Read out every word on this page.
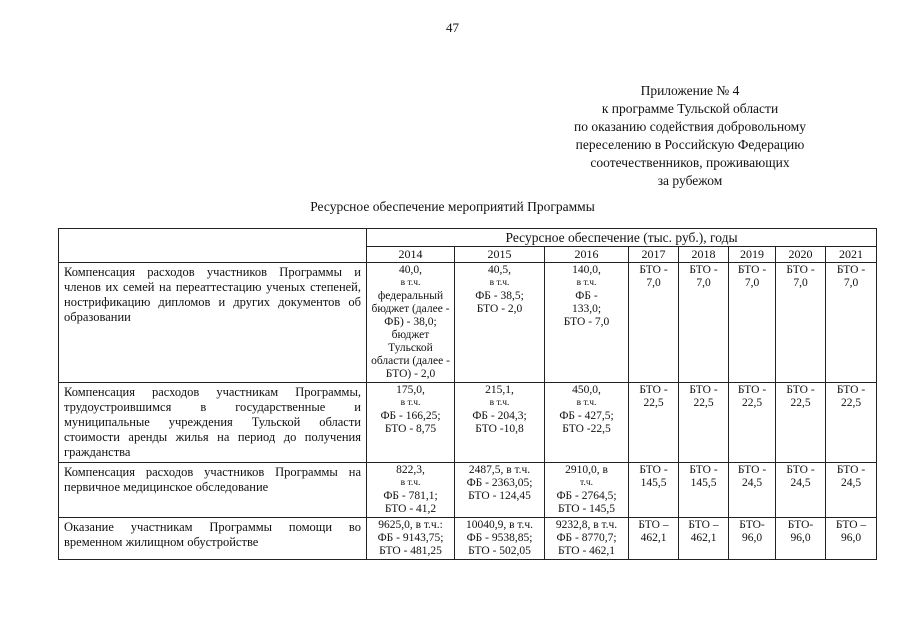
47
Приложение № 4
к программе Тульской области
по оказанию содействия добровольному
переселению в Российскую Федерацию
соотечественников, проживающих
за рубежом
Ресурсное обеспечение мероприятий Программы
	Ресурсное обеспечение (тыс. руб.), годы							
	2014	2015	2016	2017	2018	2019	2020	2021
Компенсация расходов участников Программы и членов их семей на переаттестацию ученых степеней, нострификацию дипломов и других документов об образовании	40,0,
в т.ч.
федеральный бюджет (далее - ФБ) - 38,0;
бюджет Тульской области (далее - БТО) - 2,0	40,5,
в т.ч.
ФБ - 38,5;
БТО - 2,0	140,0,
в т.ч.
ФБ -
133,0;
БТО - 7,0	БТО - 7,0	БТО -
7,0	БТО -
7,0	БТО -
7,0	БТО -
7,0

Компенсация расходов участникам Программы, трудоустроившимся в государственные и муниципальные учреждения Тульской области стоимости аренды жилья на период до получения гражданства	175,0,
в т.ч.
ФБ - 166,25;
БТО - 8,75	215,1,
в т.ч.
ФБ - 204,3;
БТО -10,8	450,0,
в т.ч.
ФБ - 427,5;
БТО -22,5	БТО -
22,5	БТО -
22,5	БТО -
22,5	БТО -
22,5	БТО -
22,5

Компенсация расходов участников Программы на первичное медицинское обследование	822,3,
в т.ч.
ФБ - 781,1;
БТО - 41,2	2487,5, в т.ч.
ФБ - 2363,05;
БТО - 124,45	2910,0, в
т.ч.
ФБ - 2764,5;
БТО - 145,5	БТО -
145,5	БТО -
145,5	БТО -
24,5	БТО -
24,5	БТО -
24,5

Оказание участникам Программы помощи во временном жилищном обустройстве	9625,0, в т.ч.:
ФБ - 9143,75;
БТО - 481,25	10040,9, в т.ч.
ФБ - 9538,85;
БТО - 502,05	9232,8, в т.ч.
ФБ - 8770,7;
БТО - 462,1	БТО –
462,1	БТО –
462,1	БТО-
96,0	БТО-
96,0	БТО –
96,0
